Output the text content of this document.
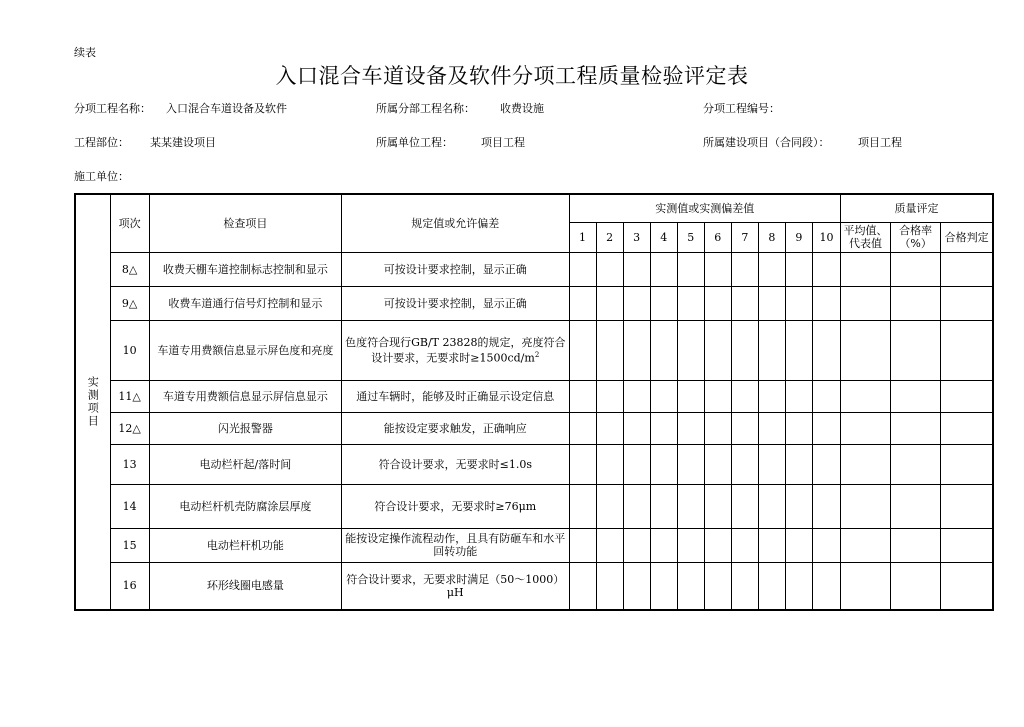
续表
入口混合车道设备及软件分项工程质量检验评定表
分项工程名称： 入口混合车道设备及软件	所属分部工程名称： 收费设施	分项工程编号：
工程部位： 某某建设项目	所属单位工程：	项目工程	所属建设项目（合同段）：	项目工程
施工单位：
实测项目	项次	检查项目	规定值或允许偏差	实测值或实测偏差值										质量评定		
				1	2	3	4	5	6	7	8	9	10	平均值、代表值	合格率（%）	合格判定
	8△	收费天棚车道控制标志控制和显示	可按设计要求控制，显示正确													
	9△	收费车道通行信号灯控制和显示	可按设计要求控制，显示正确													
	10	车道专用费额信息显示屏色度和亮度	色度符合现行GB/T 23828的规定，亮度符合设计要求，无要求时$\ge 1500cd/m^2$													
	11△	车道专用费额信息显示屏信息显示	通过车辆时，能够及时正确显示设定信息													
	12△	闪光报警器	能按设定要求触发，正确响应													
	13	电动栏杆起/落时间	符合设计要求，无要求时≤1.0s													
	14	电动栏杆机壳防腐涂层厚度	符合设计要求，无要求时≥76μm													
	15	电动栏杆机功能	能按设定操作流程动作，且具有防砸车和水平回转功能													
	16	环形线圈电感量	符合设计要求，无要求时满足（50～1000）μH													
